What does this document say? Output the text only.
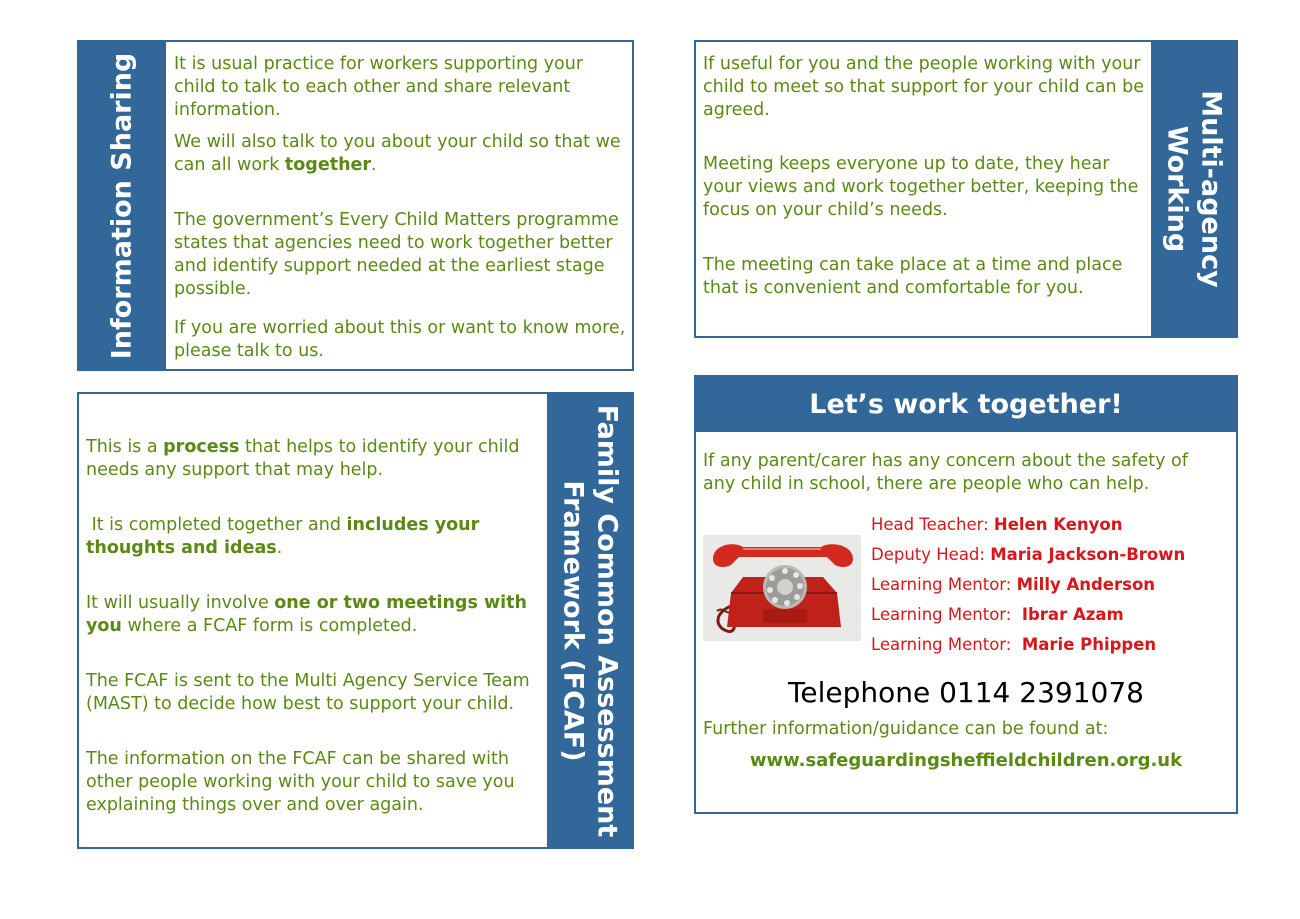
Information Sharing It is usual practice for workers supporting your child to talk to each other and share relevant information.

We will also talk to you about your child so that we can all work together.

The government’s Every Child Matters programme states that agencies need to work together better and identify support needed at the earliest stage possible.

If you are worried about this or want to know more, please talk to us.

If useful for you and the people working with your child to meet so that support for your child can be agreed.

Meeting keeps everyone up to date, they hear your views and work together better, keeping the focus on your child’s needs.

The meeting can take place at a time and place that is convenient and comfortable for you.

Multi-agency
Working

This is a process that helps to identify your child needs any support that may help.

It is completed together and includes your thoughts and ideas.

It will usually involve one or two meetings with you where a FCAF form is completed.

The FCAF is sent to the Multi Agency Service Team (MAST) to decide how best to support your child.

The information on the FCAF can be shared with other people working with your child to save you explaining things over and over again.	Family Common Assessment
Framework (FCAF)
Let’s work together!

If any parent/carer has any concern about the safety of any child in school, there are people who can help.

Head Teacher: Helen Kenyon
Deputy Head: Maria Jackson-Brown
Learning Mentor: Milly Anderson
Learning Mentor:  Ibrar Azam
Learning Mentor:  Marie Phippen
Telephone 0114 2391078

Further information/guidance can be found at:

www.safeguardingsheffieldchildren.org.uk
